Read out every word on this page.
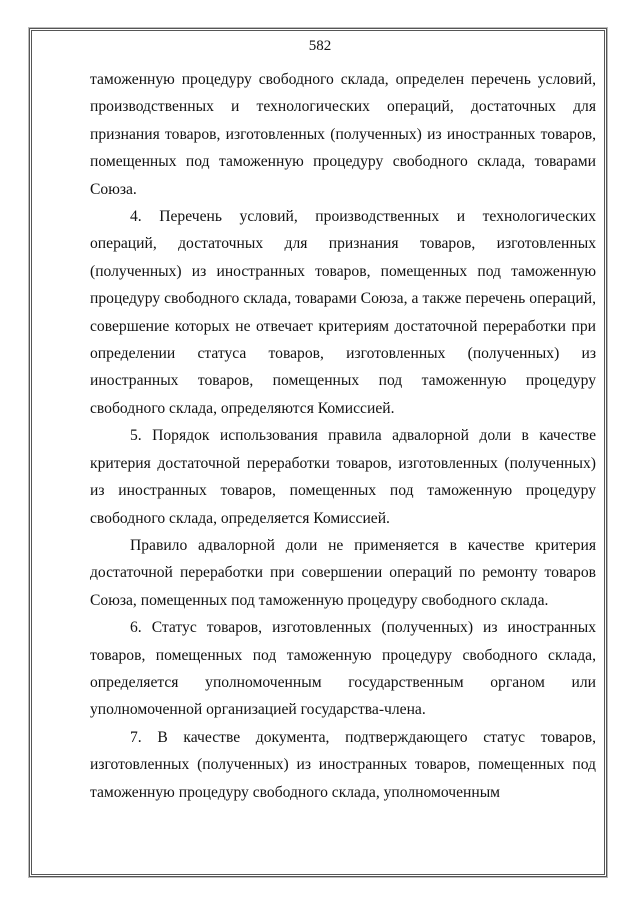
582

таможенную процедуру свободного склада, определен перечень условий, производственных и технологических операций, достаточных для признания товаров, изготовленных (полученных) из иностранных товаров, помещенных под таможенную процедуру свободного склада, товарами Союза.

4. Перечень условий, производственных и технологических операций, достаточных для признания товаров, изготовленных (полученных) из иностранных товаров, помещенных под таможенную процедуру свободного склада, товарами Союза, а также перечень операций, совершение которых не отвечает критериям достаточной переработки при определении статуса товаров, изготовленных (полученных) из иностранных товаров, помещенных под таможенную процедуру свободного склада, определяются Комиссией.

5. Порядок использования правила адвалорной доли в качестве критерия достаточной переработки товаров, изготовленных (полученных) из иностранных товаров, помещенных под таможенную процедуру свободного склада, определяется Комиссией.

Правило адвалорной доли не применяется в качестве критерия достаточной переработки при совершении операций по ремонту товаров Союза, помещенных под таможенную процедуру свободного склада.

6. Статус товаров, изготовленных (полученных) из иностранных товаров, помещенных под таможенную процедуру свободного склада, определяется уполномоченным государственным органом или уполномоченной организацией государства-члена.

7. В качестве документа, подтверждающего статус товаров, изготовленных (полученных) из иностранных товаров, помещенных под таможенную процедуру свободного склада, уполномоченным
